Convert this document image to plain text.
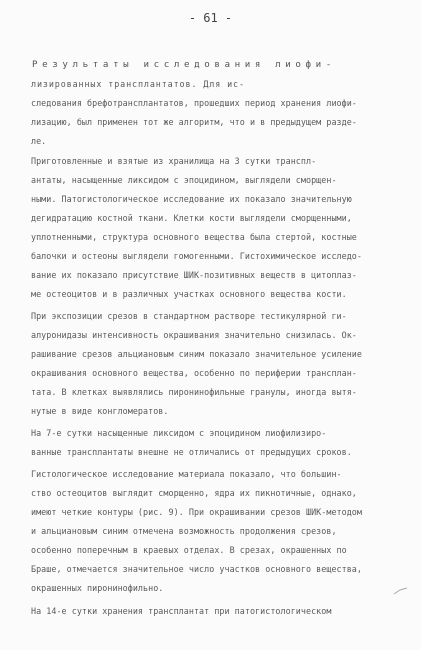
- 61 -
Результаты исследования лиофи-
лизированных трансплантатов. Для ис-
следования брефотрансплантатов, прошедших период хранения лиофи-
лизацию, был применен тот же алгоритм, что и в предыдущем разде-
ле.
Приготовленные и взятые из хранилища на 3 сутки транспл-
антаты, насыщенные ликсидом с эпоцидином, выглядели сморщен-
ными. Патогистологическое исследование их показало значительную
дегидратацию костной ткани. Клетки кости выглядели сморщенными,
уплотненными, структура основного вещества была стертой, костные
балочки и остеоны выглядели гомогенными. Гистохимическое исследо-
вание их показало присутствие ШИК-позитивных веществ в цитоплаз-
ме остеоцитов и в различных участках основного вещества кости.
При экспозиции срезов в стандартном растворе тестикулярной ги-
алуронидазы интенсивность окрашивания значительно снизилась. Ок-
рашивание срезов альциановым синим показало значительное усиление
окрашивания основного вещества, особенно по периферии трансплан-
тата. В клетках выявлялись пиронинофильные гранулы, иногда вытя-
нутые в виде конгломератов.
На 7-е сутки насыщенные ликсидом с эпоцидином лиофилизиро-
ванные трансплантаты внешне не отличались от предыдущих сроков.
Гистологическое исследование материала показало, что большин-
ство остеоцитов выглядит сморщенно, ядра их пикнотичные, однако,
имеют четкие контуры (рис. 9). При окрашивании срезов ШИК-методом
и альциановым синим отмечена возможность продолжения срезов,
особенно поперечным в краевых отделах. В срезах, окрашенных по
Браше, отмечается значительное число участков основного вещества,
окрашенных пиронинофильно.
На 14-е сутки хранения трансплантат при патогистологическом
